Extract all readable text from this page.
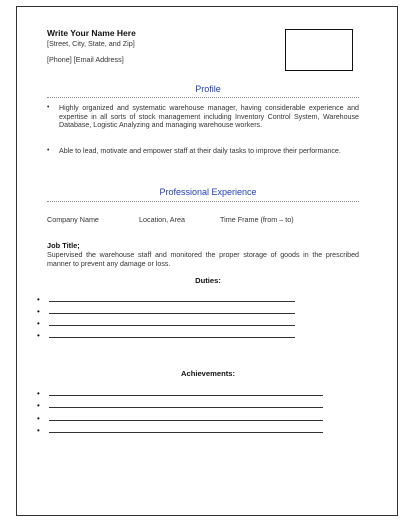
Write Your Name Here
[Street, City, State, and Zip]
[Phone] [Email Address]
Profile
•	Highly organized and systematic warehouse manager, having considerable experience and expertise in all sorts of stock management including Inventory Control System, Warehouse Database, Logistic Analyzing and managing warehouse workers.
•	Able to lead, motivate and empower staff at their daily tasks to improve their performance.
Professional Experience
Company Name	Location, Area	Time Frame (from – to)
Job Title;
Supervised the warehouse staff and monitored the proper storage of goods in the prescribed manner to prevent any damage or loss.
Duties:
•
•
•
•
Achievements:
•
•
•
•
